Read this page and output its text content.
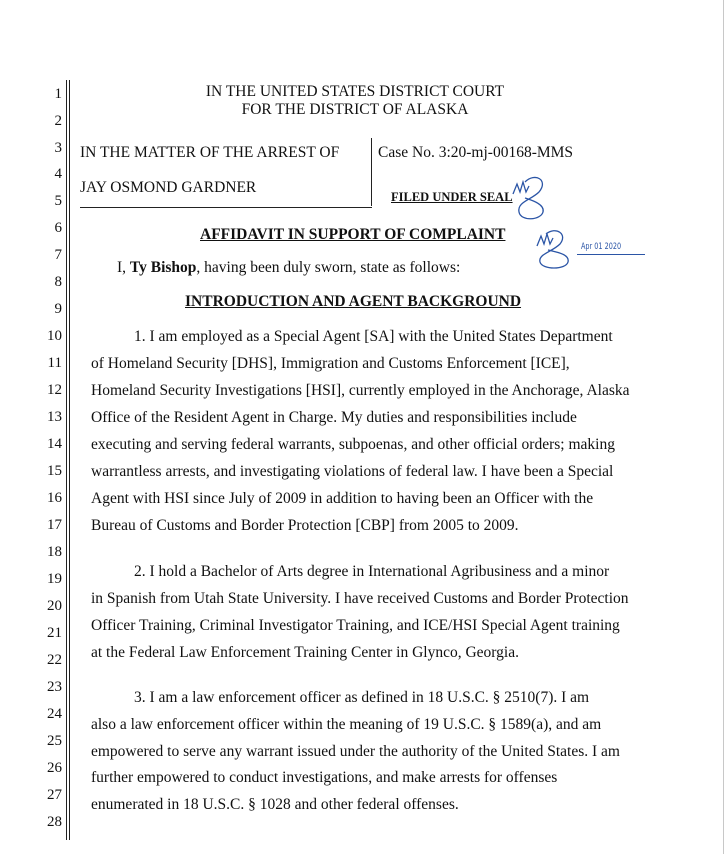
1
2
3
4
5
6
7
8
9
10
11
12
13
14
15
16
17
18
19
20
21
22
23
24
25
26
27
28
IN THE UNITED STATES DISTRICT COURT
FOR THE DISTRICT OF ALASKA
IN THE MATTER OF THE ARREST OF
JAY OSMOND GARDNER
Case No. 3:20-mj-00168-MMS
FILED UNDER SEAL
Apr 01 2020
AFFIDAVIT IN SUPPORT OF COMPLAINT
I, Ty Bishop, having been duly sworn, state as follows:
INTRODUCTION AND AGENT BACKGROUND
1. I am employed as a Special Agent [SA] with the United States Department
of Homeland Security [DHS], Immigration and Customs Enforcement [ICE],
Homeland Security Investigations [HSI], currently employed in the Anchorage, Alaska
Office of the Resident Agent in Charge. My duties and responsibilities include
executing and serving federal warrants, subpoenas, and other official orders; making
warrantless arrests, and investigating violations of federal law. I have been a Special
Agent with HSI since July of 2009 in addition to having been an Officer with the
Bureau of Customs and Border Protection [CBP] from 2005 to 2009.
2. I hold a Bachelor of Arts degree in International Agribusiness and a minor
in Spanish from Utah State University. I have received Customs and Border Protection
Officer Training, Criminal Investigator Training, and ICE/HSI Special Agent training
at the Federal Law Enforcement Training Center in Glynco, Georgia.
3. I am a law enforcement officer as defined in 18 U.S.C. § 2510(7). I am
also a law enforcement officer within the meaning of 19 U.S.C. § 1589(a), and am
empowered to serve any warrant issued under the authority of the United States. I am
further empowered to conduct investigations, and make arrests for offenses
enumerated in 18 U.S.C. § 1028 and other federal offenses.
